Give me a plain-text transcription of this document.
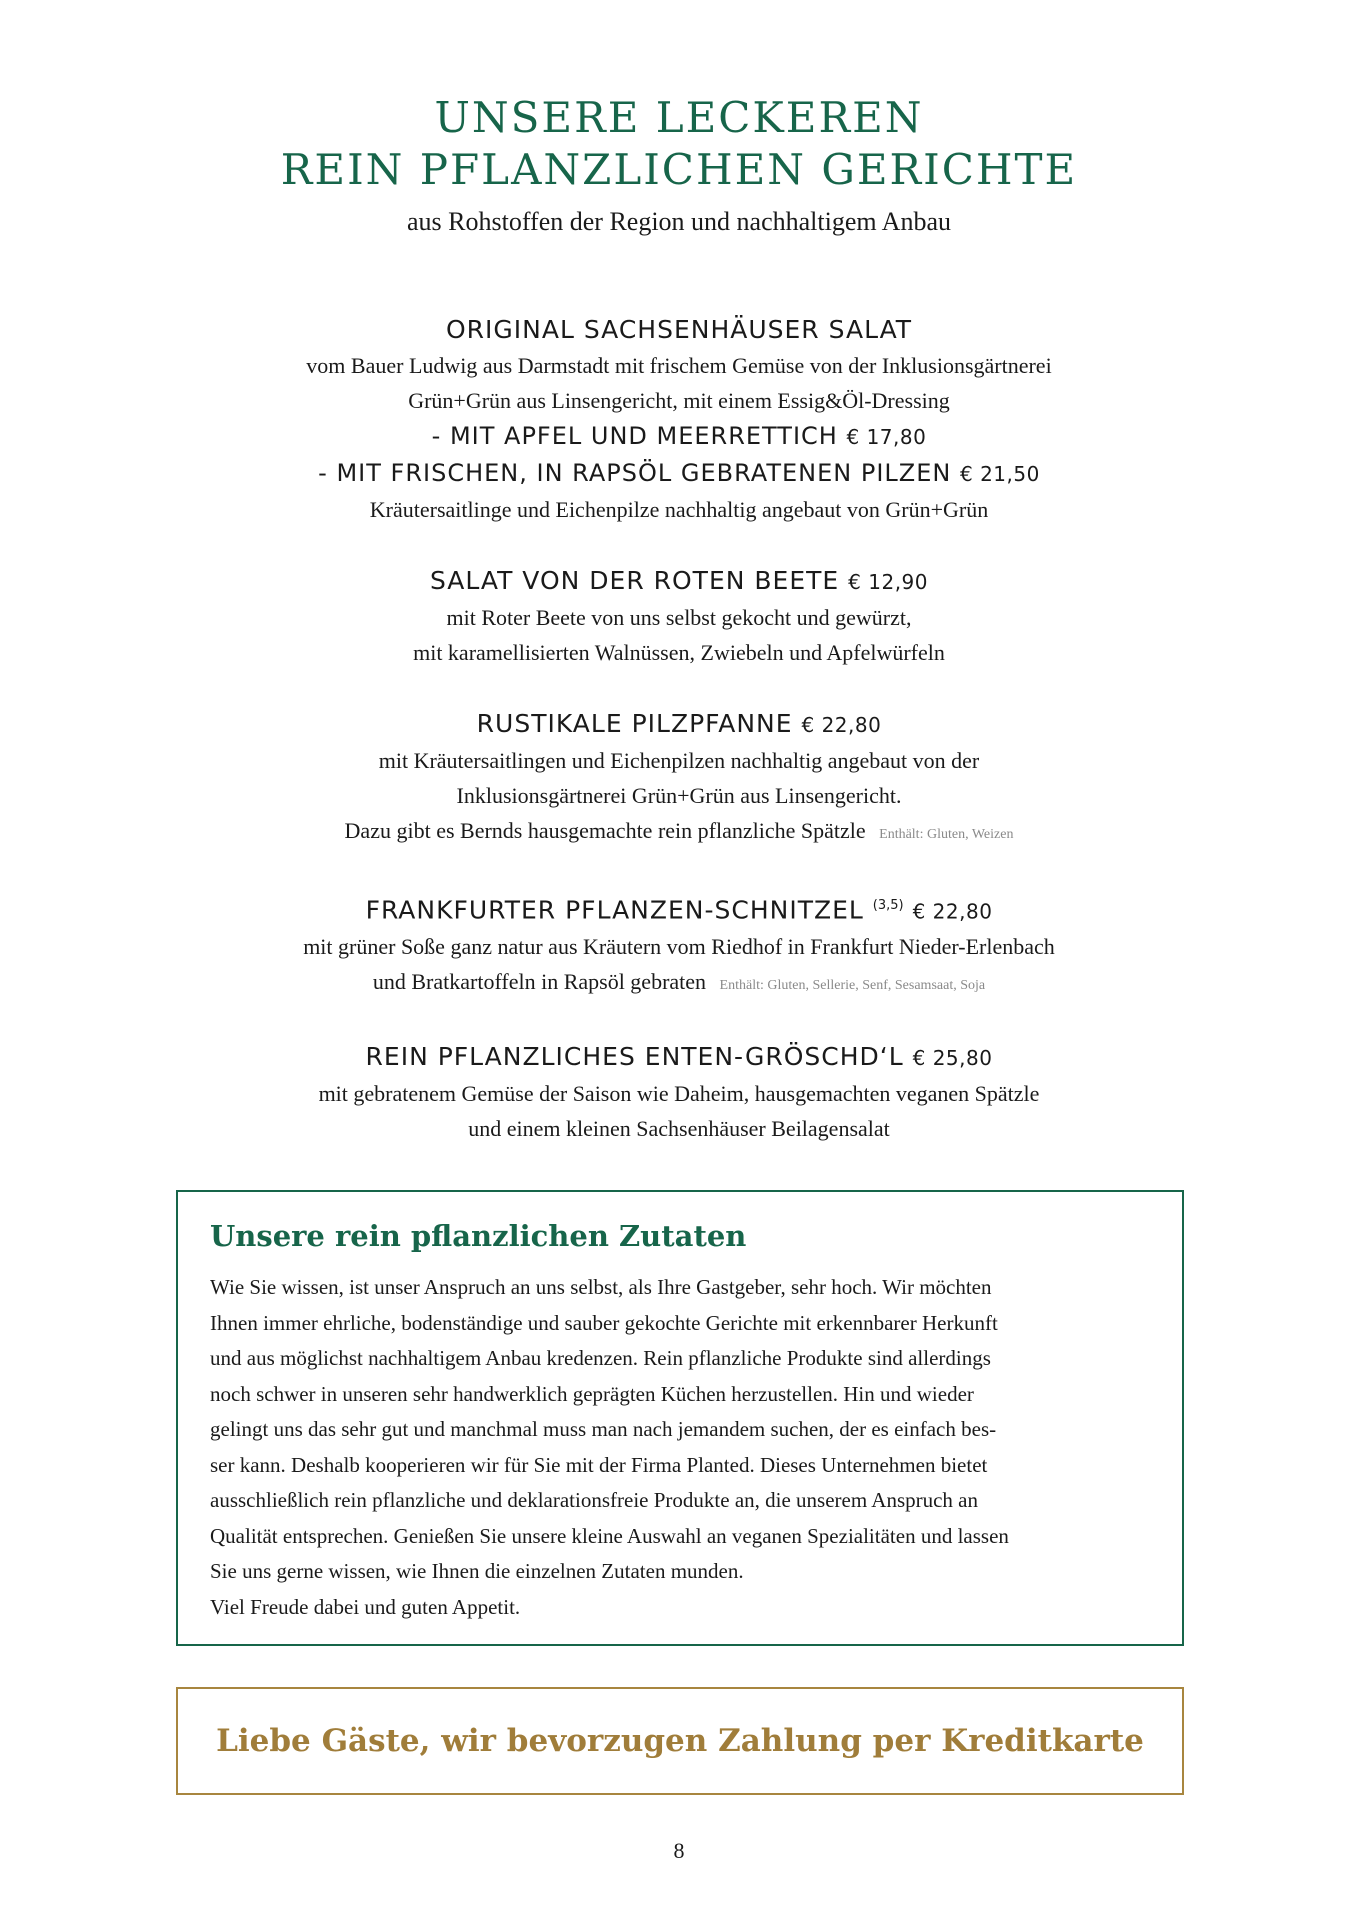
UNSERE LECKEREN
REIN PFLANZLICHEN GERICHTE
aus Rohstoffen der Region und nachhaltigem Anbau
ORIGINAL SACHSENHÄUSER SALAT
vom Bauer Ludwig aus Darmstadt mit frischem Gemüse von der Inklusionsgärtnerei
Grün+Grün aus Linsengericht, mit einem Essig&Öl-Dressing
- MIT APFEL UND MEERRETTICH € 17,80
- MIT FRISCHEN, IN RAPSÖL GEBRATENEN PILZEN € 21,50
Kräutersaitlinge und Eichenpilze nachhaltig angebaut von Grün+Grün
SALAT VON DER ROTEN BEETE € 12,90
mit Roter Beete von uns selbst gekocht und gewürzt,
mit karamellisierten Walnüssen, Zwiebeln und Apfelwürfeln
RUSTIKALE PILZPFANNE € 22,80
mit Kräutersaitlingen und Eichenpilzen nachhaltig angebaut von der
Inklusionsgärtnerei Grün+Grün aus Linsengericht.
Dazu gibt es Bernds hausgemachte rein pflanzliche Spätzle Enthält: Gluten, Weizen
FRANKFURTER PFLANZEN-SCHNITZEL $^{(3,5)}$ € 22,80
mit grüner Soße ganz natur aus Kräutern vom Riedhof in Frankfurt Nieder-Erlenbach
und Bratkartoffeln in Rapsöl gebraten Enthält: Gluten, Sellerie, Senf, Sesamsaat, Soja
REIN PFLANZLICHES ENTEN-GRÖSCHD‘L € 25,80
mit gebratenem Gemüse der Saison wie Daheim, hausgemachten veganen Spätzle
und einem kleinen Sachsenhäuser Beilagensalat
Unsere rein pflanzlichen Zutaten

Wie Sie wissen, ist unser Anspruch an uns selbst, als Ihre Gastgeber, sehr hoch. Wir möchten

Ihnen immer ehrliche, bodenständige und sauber gekochte Gerichte mit erkennbarer Herkunft

und aus möglichst nachhaltigem Anbau kredenzen. Rein pflanzliche Produkte sind allerdings

noch schwer in unseren sehr handwerklich geprägten Küchen herzustellen. Hin und wieder

gelingt uns das sehr gut und manchmal muss man nach jemandem suchen, der es einfach bes-

ser kann. Deshalb kooperieren wir für Sie mit der Firma Planted. Dieses Unternehmen bietet

ausschließlich rein pflanzliche und deklarationsfreie Produkte an, die unserem Anspruch an

Qualität entsprechen. Genießen Sie unsere kleine Auswahl an veganen Spezialitäten und lassen

Sie uns gerne wissen, wie Ihnen die einzelnen Zutaten munden.

Viel Freude dabei und guten Appetit.

Liebe Gäste, wir bevorzugen Zahlung per Kreditkarte
8
